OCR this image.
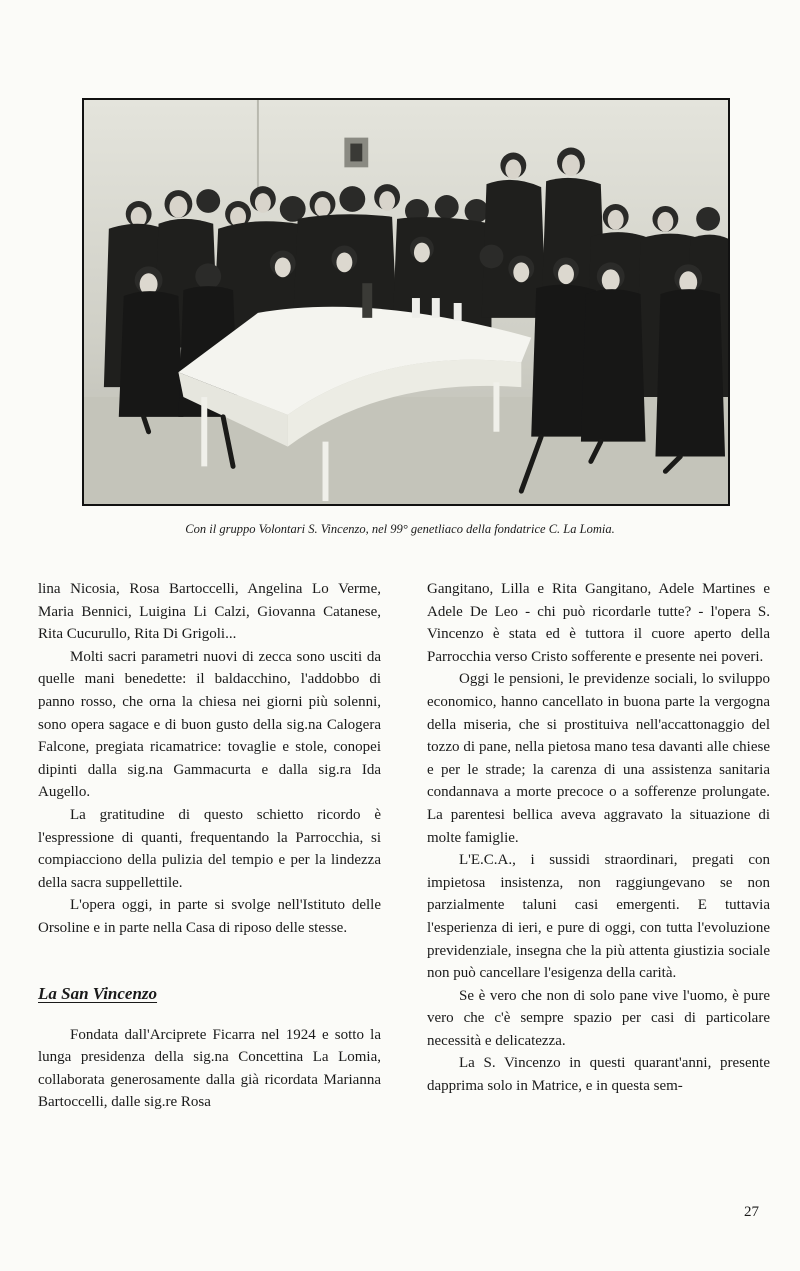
Con il gruppo Volontari S. Vincenzo, nel 99° genetliaco della fondatrice C. La Lomia.

lina Nicosia, Rosa Bartoccelli, Angelina Lo Verme, Maria Bennici, Luigina Li Calzi, Giovanna Catanese, Rita Cucurullo, Rita Di Grigoli...

Molti sacri parametri nuovi di zecca sono usciti da quelle mani benedette: il baldacchino, l'addobbo di panno rosso, che orna la chiesa nei giorni più solenni, sono opera sagace e di buon gusto della sig.na Calogera Falcone, pregiata ricamatrice: tovaglie e stole, conopei dipinti dalla sig.na Gammacurta e dalla sig.ra Ida Augello.

La gratitudine di questo schietto ricordo è l'espressione di quanti, frequentando la Parrocchia, si compiacciono della pulizia del tempio e per la lindezza della sacra suppellettile.

L'opera oggi, in parte si svolge nell'Istituto delle Orsoline e in parte nella Casa di riposo delle stesse.

La San Vincenzo

Fondata dall'Arciprete Ficarra nel 1924 e sotto la lunga presidenza della sig.na Concettina La Lomia, collaborata generosamente dalla già ricordata Marianna Bartoccelli, dalle sig.re Rosa

Gangitano, Lilla e Rita Gangitano, Adele Martines e Adele De Leo - chi può ricordarle tutte? - l'opera S. Vincenzo è stata ed è tuttora il cuore aperto della Parrocchia verso Cristo sofferente e presente nei poveri.

Oggi le pensioni, le previdenze sociali, lo sviluppo economico, hanno cancellato in buona parte la vergogna della miseria, che si prostituiva nell'accattonaggio del tozzo di pane, nella pietosa mano tesa davanti alle chiese e per le strade; la carenza di una assistenza sanitaria condannava a morte precoce o a sofferenze prolungate. La parentesi bellica aveva aggravato la situazione di molte famiglie.

L'E.C.A., i sussidi straordinari, pregati con impietosa insistenza, non raggiungevano se non parzialmente taluni casi emergenti. E tuttavia l'esperienza di ieri, e pure di oggi, con tutta l'evoluzione previdenziale, insegna che la più attenta giustizia sociale non può cancellare l'esigenza della carità.

Se è vero che non di solo pane vive l'uomo, è pure vero che c'è sempre spazio per casi di particolare necessità e delicatezza.

La S. Vincenzo in questi quarant'anni, presente dapprima solo in Matrice, e in questa sem-

27
